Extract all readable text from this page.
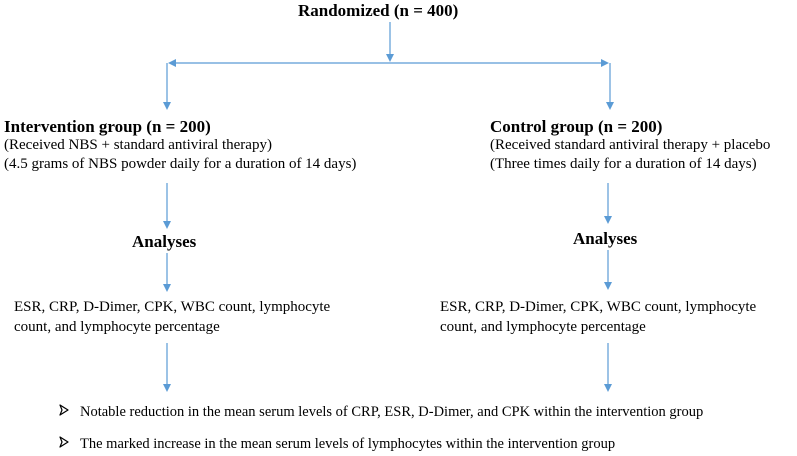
Randomized (n = 400)
Intervention group (n = 200)
(Received NBS + standard antiviral therapy)
(4.5 grams of NBS powder daily for a duration of 14 days)
Analyses
ESR, CRP, D-Dimer, CPK, WBC count, lymphocyte
count, and lymphocyte percentage
Control group (n = 200)
(Received standard antiviral therapy + placebo
(Three times daily for a duration of 14 days)
Analyses
ESR, CRP, D-Dimer, CPK, WBC count, lymphocyte
count, and lymphocyte percentage
Notable reduction in the mean serum levels of CRP, ESR, D-Dimer, and CPK within the intervention group
The marked increase in the mean serum levels of lymphocytes within the intervention group
